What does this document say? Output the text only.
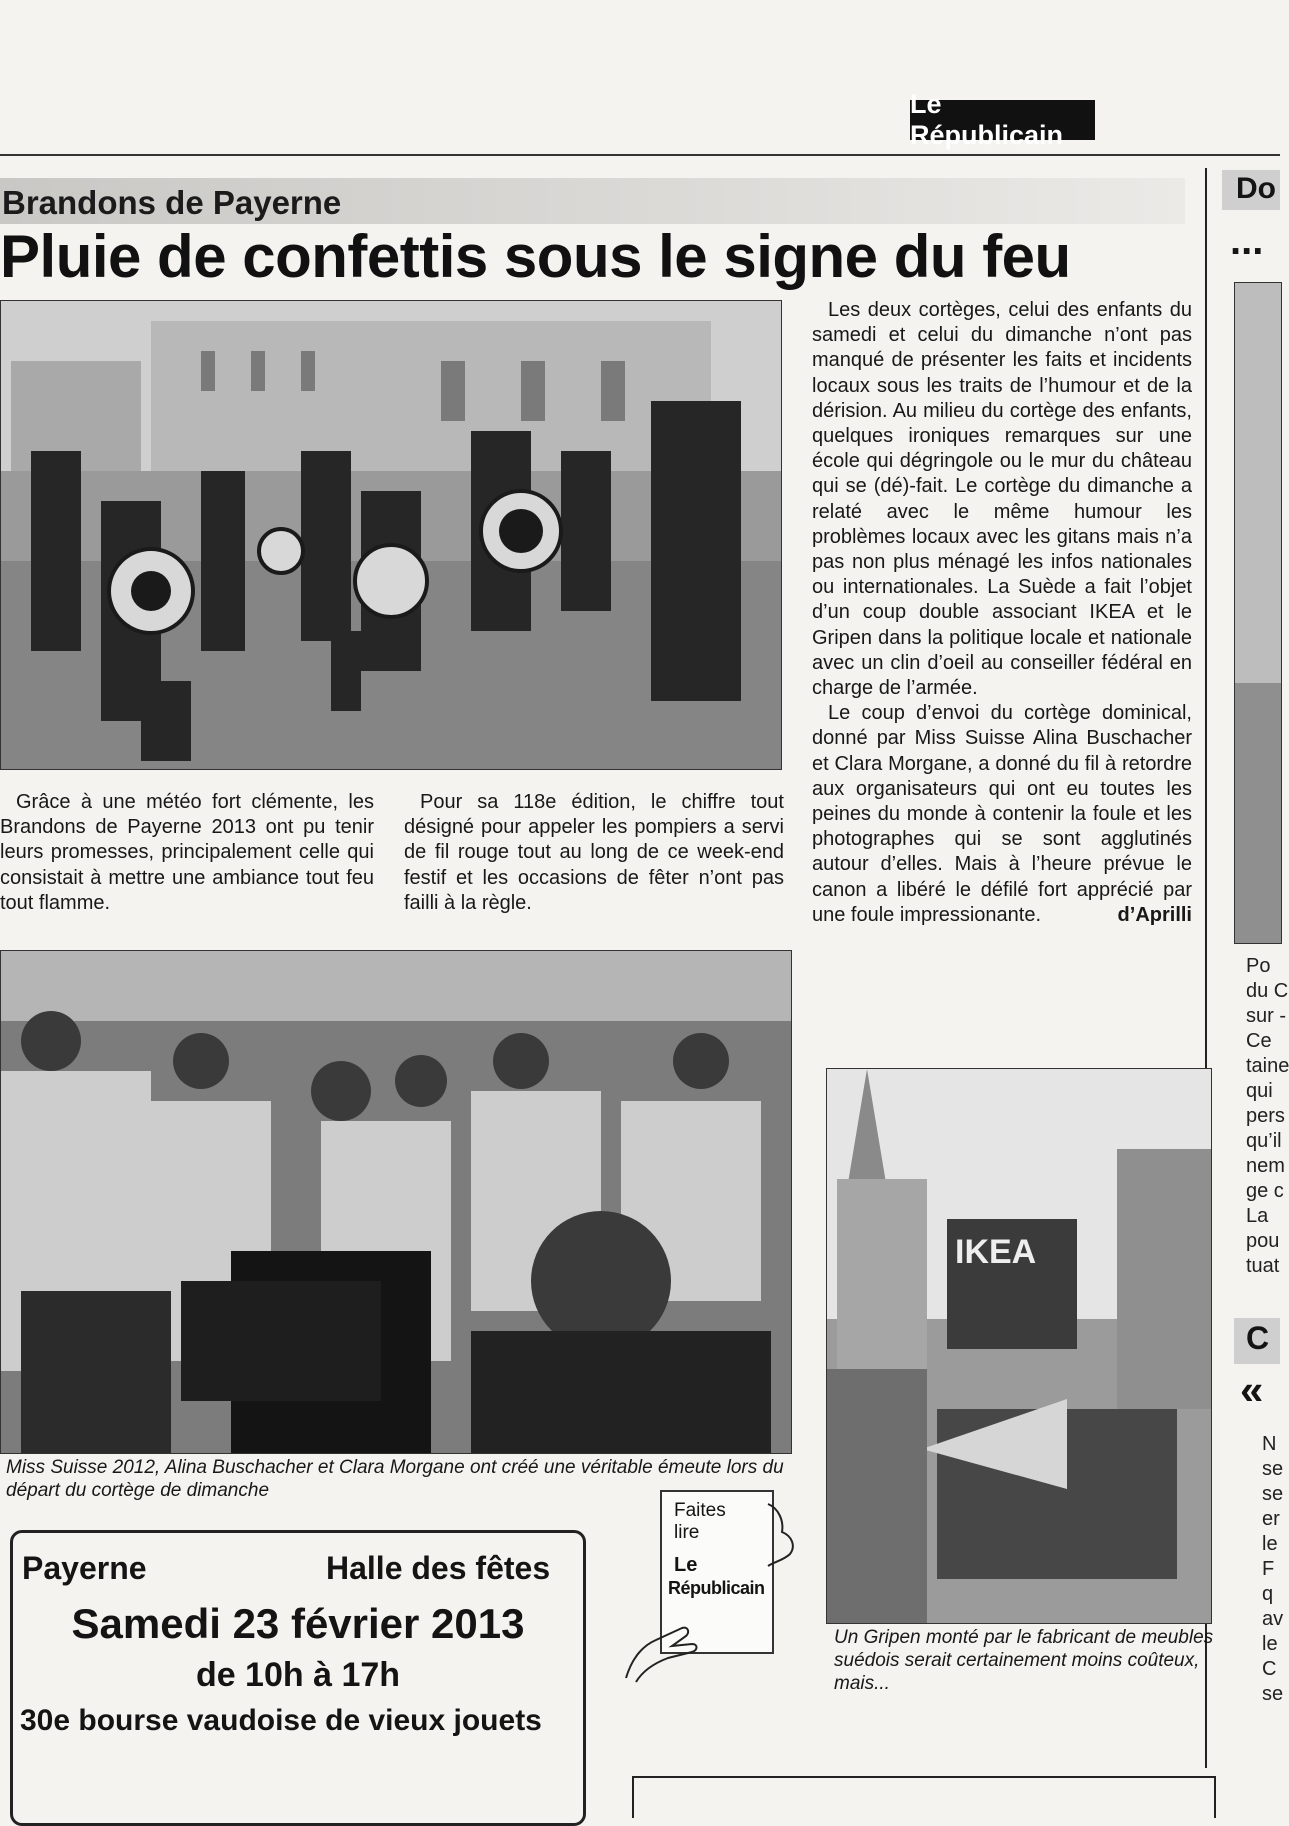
Le Républicain
Brandons de Payerne
Pluie de confettis sous le signe du feu

Les deux cortèges, celui des enfants du samedi et celui du dimanche n’ont pas manqué de présenter les faits et incidents locaux sous les traits de l’humour et de la dérision. Au milieu du cortège des enfants, quelques ironiques remarques sur une école qui dégringole ou le mur du château qui se (dé)-fait. Le cortège du dimanche a relaté avec le même humour les problèmes locaux avec les gitans mais n’a pas non plus ménagé les infos nationales ou internationales. La Suède a fait l’objet d’un coup double associant IKEA et le Gripen dans la politique locale et nationale avec un clin d’oeil au conseiller fédéral en charge de l’armée.

Le coup d’envoi du cortège dominical, donné par Miss Suisse Alina Buschacher et Clara Morgane, a donné du fil à retordre aux organisateurs qui ont eu toutes les peines du monde à contenir la foule et les photographes qui se sont agglutinés autour d’elles. Mais à l’heure prévue le canon a libéré le défilé fort apprécié par une foule impressionante.	d’Aprilli

Grâce à une météo fort clémente, les Brandons de Payerne 2013 ont pu tenir leurs promesses, principalement celle qui consistait à mettre une ambiance tout feu tout flamme.

Pour sa 118e édition, le chiffre tout désigné pour appeler les pompiers a servi de fil rouge tout au long de ce week-end festif et les occasions de fêter n’ont pas failli à la règle.

Miss Suisse 2012, Alina Buschacher et Clara Morgane ont créé une véritable émeute lors du départ du cortège de dimanche
IKEA
Un Gripen monté par le fabricant de meubles suédois serait certainement moins coûteux, mais...
Faites
lire
Le
Républicain
Payerne	Halle des fêtes
Samedi 23 février 2013
de 10h à 17h
30e bourse vaudoise de vieux jouets
Do
...
Po
du C
sur -
Ce
taine
qui
pers
qu’il
nem
ge c
La
pou
tuat
C
«
N
se
se
er
le
F
q
av
le
C
se
